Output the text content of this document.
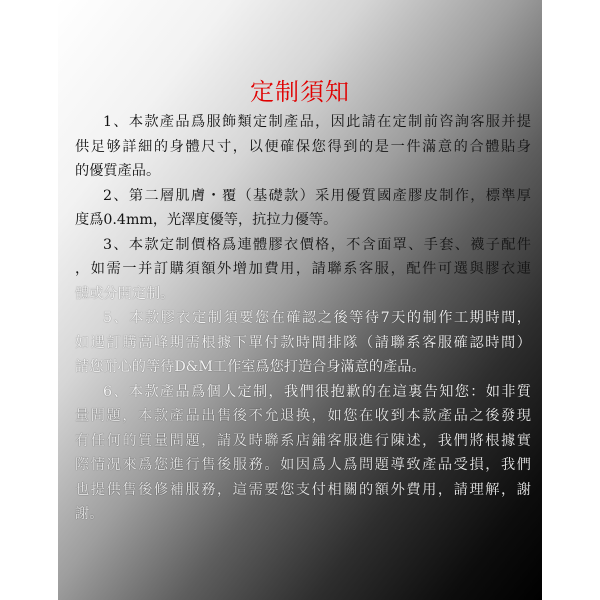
定制須知
1、本款產品爲服飾類定制產品，因此請在定制前咨詢客服并提
供足够詳細的身體尺寸，以便確保您得到的是一件滿意的合體貼身
的優質產品。
2、第二層肌膚・覆（基礎款）采用優質國產膠皮制作，標準厚
度爲0.4mm，光澤度優等，抗拉力優等。
3、本款定制價格爲連體膠衣價格，不含面罩、手套、襪子配件
，如需一并訂購須額外增加費用，請聯系客服，配件可選與膠衣連
體或分開定制。
5、本款膠衣定制須要您在確認之後等待7天的制作工期時間，
如遇訂購高峰期需根據下單付款時間排隊（請聯系客服確認時間）
請您耐心的等待D&M工作室爲您打造合身滿意的產品。
6、本款產品爲個人定制，我們很抱歉的在這裏告知您：如非質
量問題，本款產品出售後不允退换，如您在收到本款產品之後發現
有任何的質量問題，請及時聯系店鋪客服進行陳述，我們將根據實
際情况來爲您進行售後服務。如因爲人爲問題導致產品受損，我們
也提供售後修補服務，這需要您支付相關的額外費用，請理解，謝
謝。
